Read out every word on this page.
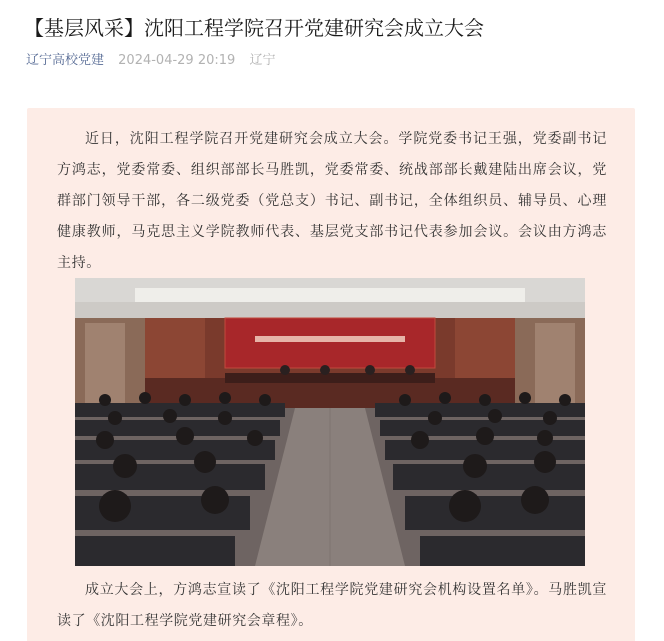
【基层风采】沈阳工程学院召开党建研究会成立大会
辽宁高校党建 2024-04-29 20:19 辽宁

近日，沈阳工程学院召开党建研究会成立大会。学院党委书记王强，党委副书记方鸿志，党委常委、组织部部长马胜凯，党委常委、统战部部长戴建陆出席会议，党群部门领导干部，各二级党委（党总支）书记、副书记，全体组织员、辅导员、心理健康教师，马克思主义学院教师代表、基层党支部书记代表参加会议。会议由方鸿志主持。

成立大会上，方鸿志宣读了《沈阳工程学院党建研究会机构设置名单》。马胜凯宣读了《沈阳工程学院党建研究会章程》。
